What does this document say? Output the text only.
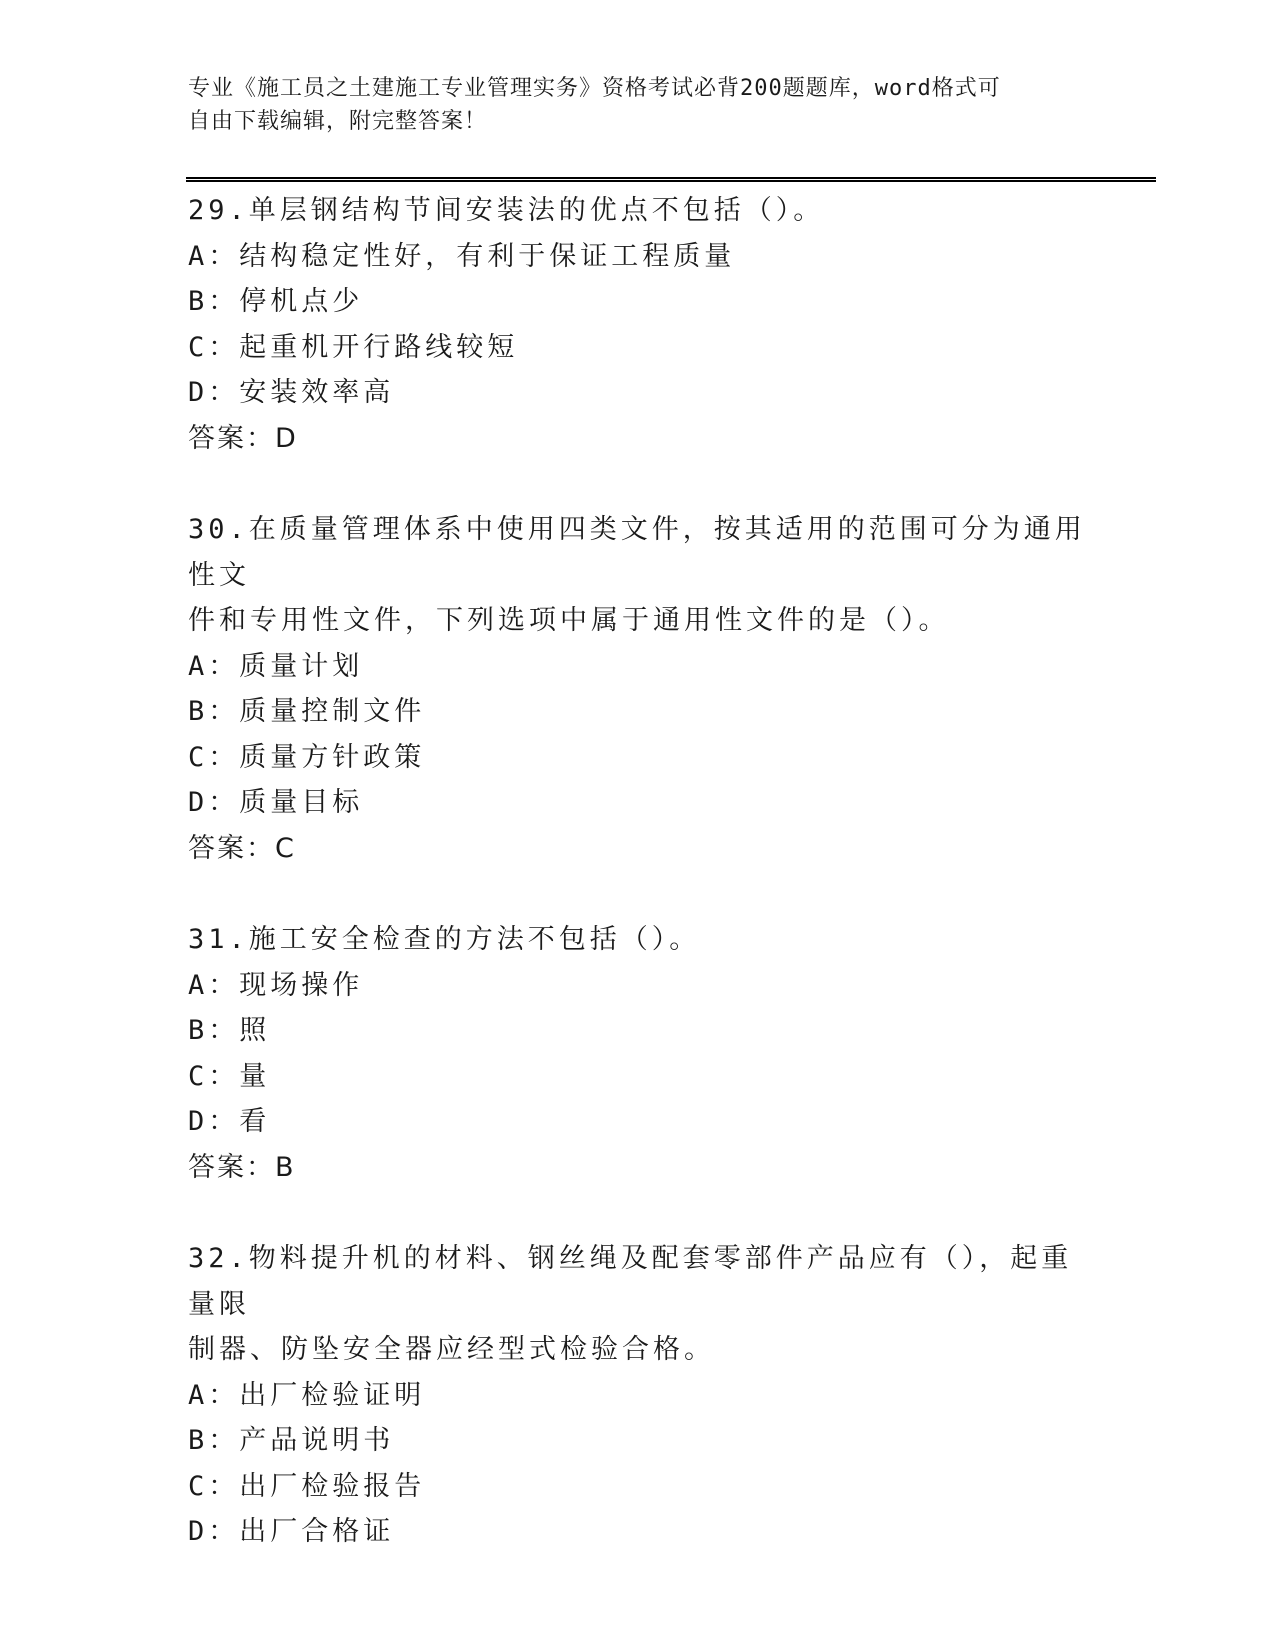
专业《施工员之土建施工专业管理实务》资格考试必背200题题库，word格式可
自由下载编辑，附完整答案！
29.单层钢结构节间安装法的优点不包括（）。
A：结构稳定性好，有利于保证工程质量
B：停机点少
C：起重机开行路线较短
D：安装效率高
答案：D
30.在质量管理体系中使用四类文件，按其适用的范围可分为通用性文
件和专用性文件，下列选项中属于通用性文件的是（）。
A：质量计划
B：质量控制文件
C：质量方针政策
D：质量目标
答案：C
31.施工安全检查的方法不包括（）。
A：现场操作
B：照
C：量
D：看
答案：B
32.物料提升机的材料、钢丝绳及配套零部件产品应有（），起重量限
制器、防坠安全器应经型式检验合格。
A：出厂检验证明
B：产品说明书
C：出厂检验报告
D：出厂合格证
